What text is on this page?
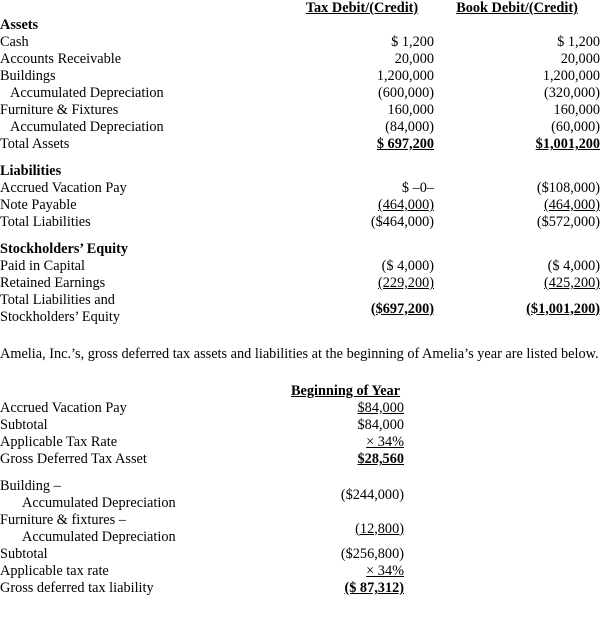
	Tax Debit/(Credit)	Book Debit/(Credit)
Assets		
Cash	$ 1,200	$ 1,200
Accounts Receivable	20,000	20,000
Buildings	1,200,000	1,200,000
Accumulated Depreciation	(600,000)	(320,000)
Furniture & Fixtures	160,000	160,000
Accumulated Depreciation	(84,000)	(60,000)
Total Assets	$ 697,200	$1,001,200

Liabilities		
Accrued Vacation Pay	$ –0–	($108,000)
Note Payable	(464,000)	(464,000)
Total Liabilities	($464,000)	($572,000)

Stockholders’ Equity		
Paid in Capital	($ 4,000)	($ 4,000)
Retained Earnings	(229,200)	(425,200)
Total Liabilities and
Stockholders’ Equity	($697,200)	($1,001,200)

Amelia, Inc.’s, gross deferred tax assets and liabilities at the beginning of Amelia’s year are listed below.

	Beginning of Year	
Accrued Vacation Pay	$84,000	
Subtotal	$84,000	
Applicable Tax Rate	× 34%	
Gross Deferred Tax Asset	$28,560	

Building –
Accumulated Depreciation	($244,000)	
Furniture & fixtures –
Accumulated Depreciation	(12,800)	
Subtotal	($256,800)	
Applicable tax rate	× 34%	
Gross deferred tax liability	($ 87,312)	
